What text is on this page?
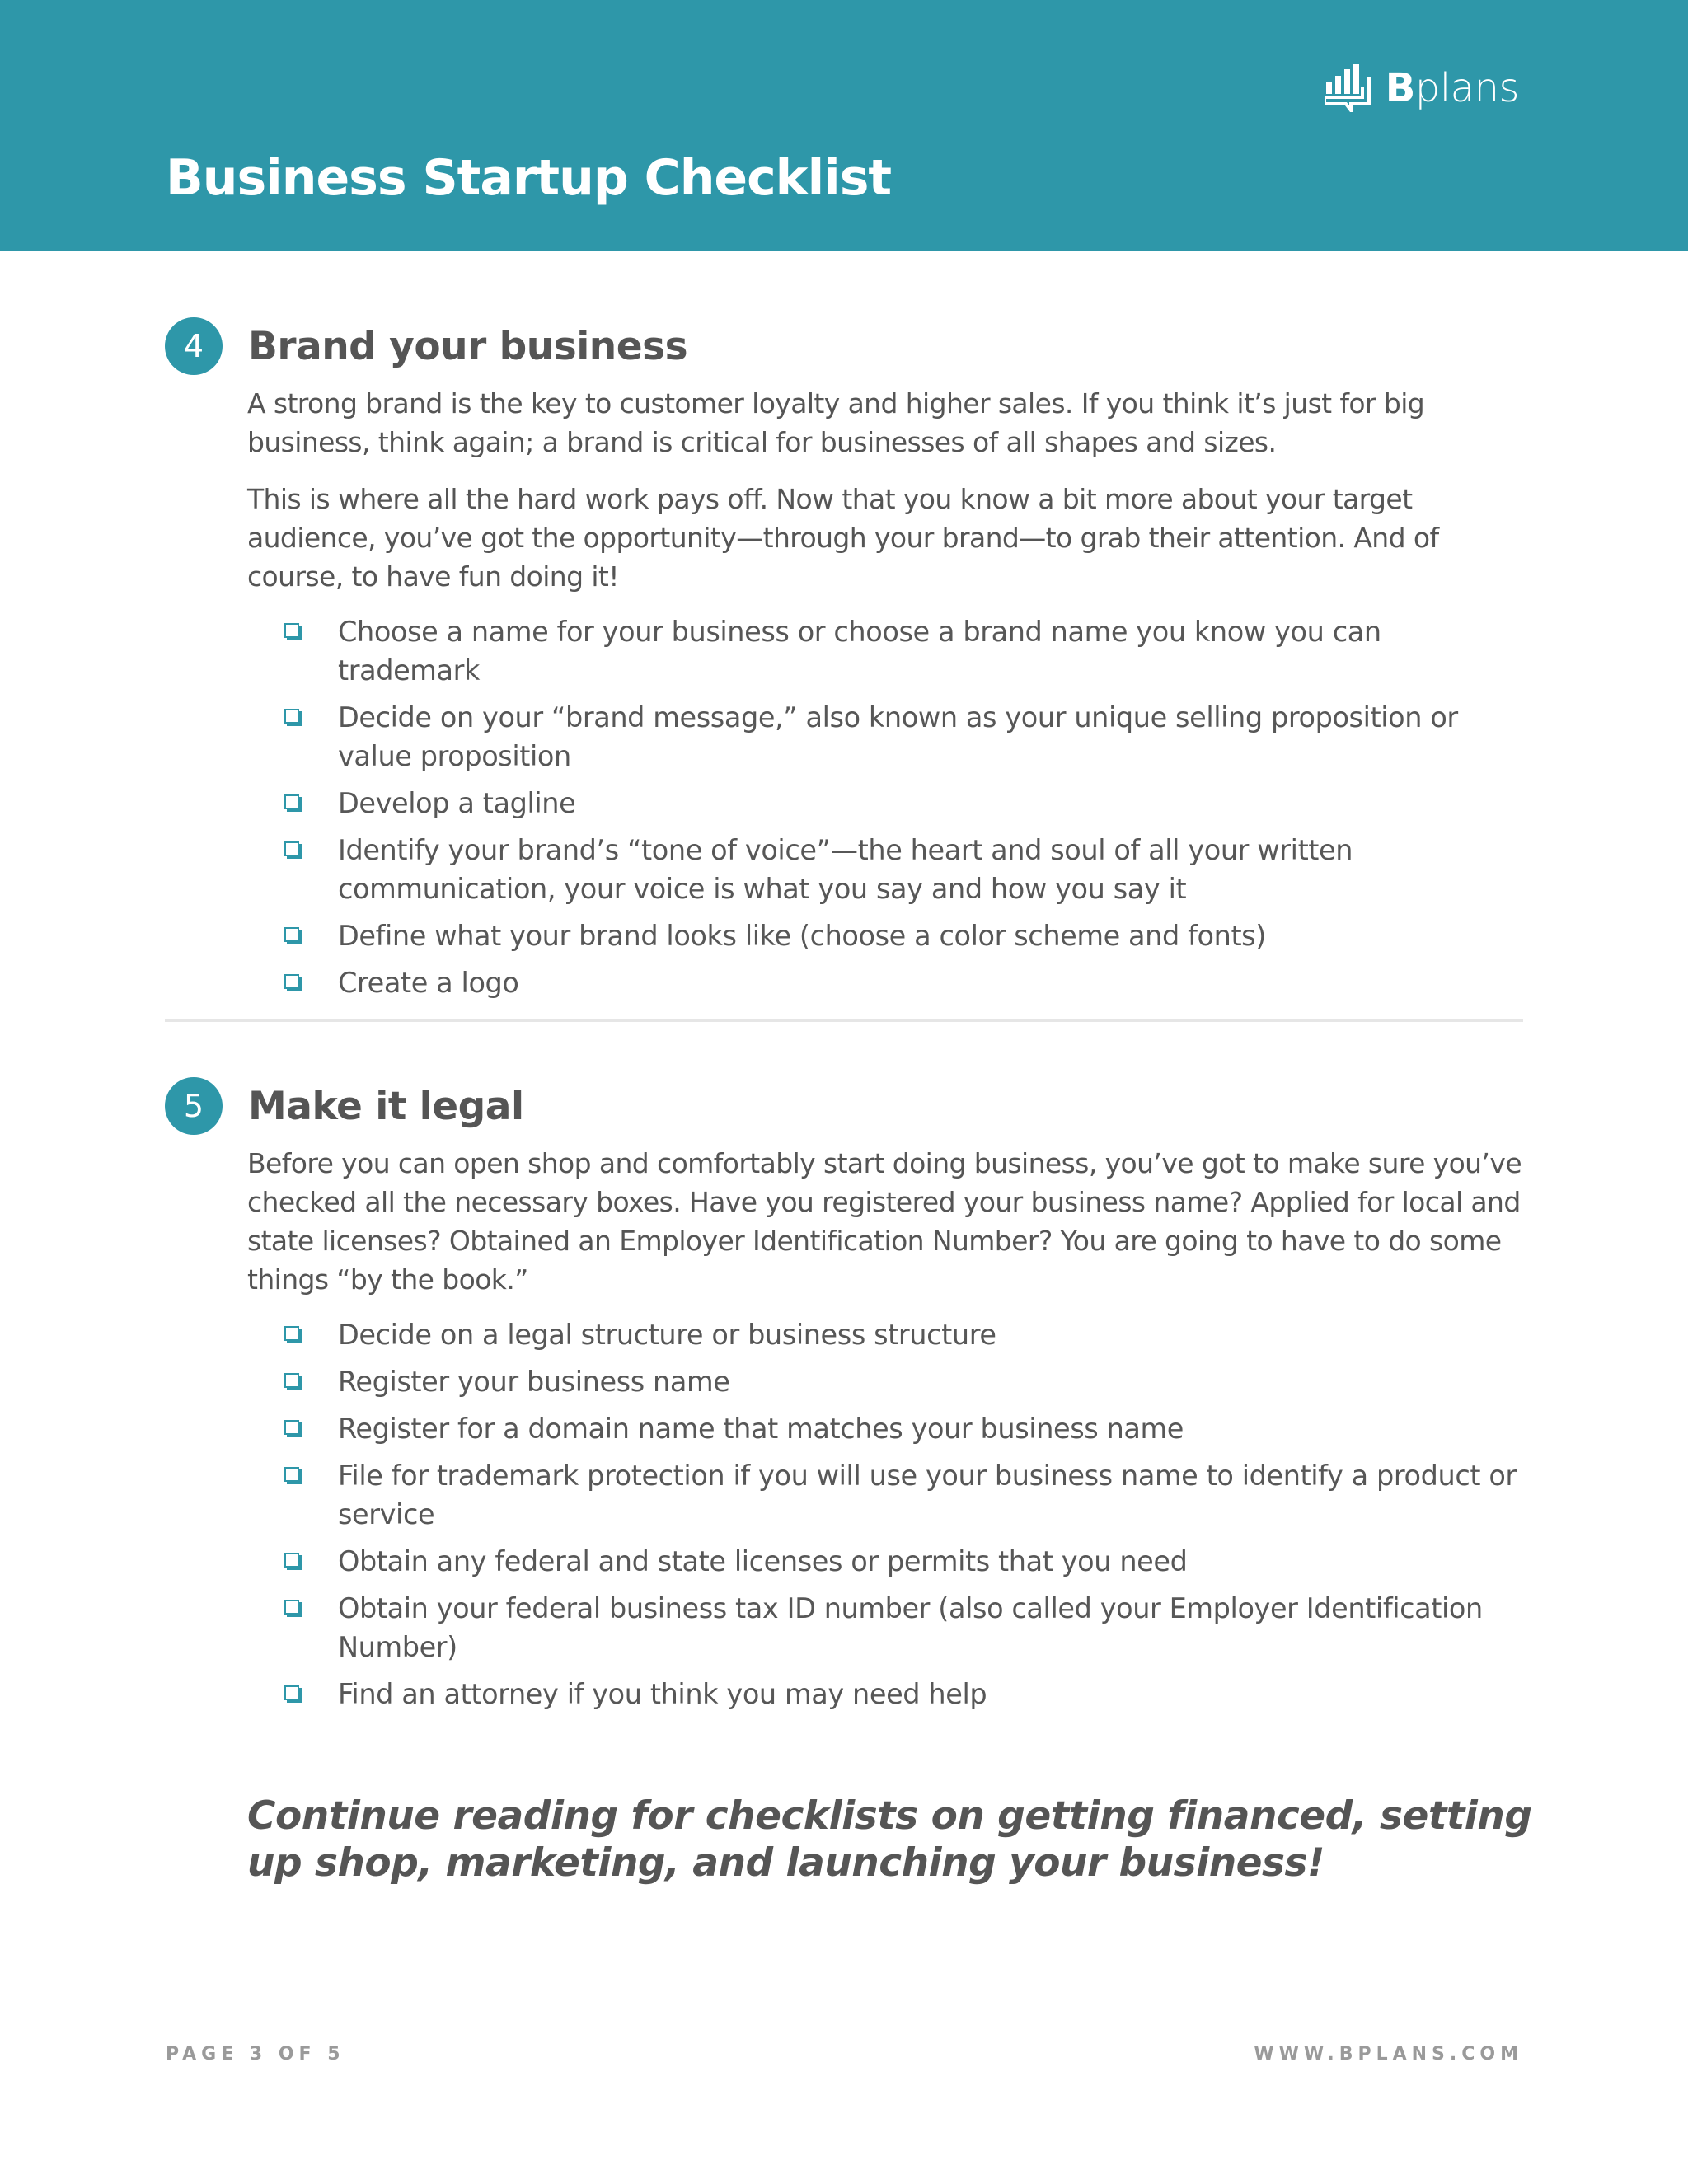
Bplans
Business Startup Checklist
4	Brand your business

A strong brand is the key to customer loyalty and higher sales. If you think it’s just for big business, think again; a brand is critical for businesses of all shapes and sizes.

This is where all the hard work pays off. Now that you know a bit more about your target audience, you’ve got the opportunity—through your brand—to grab their attention. And of course, to have fun doing it!

Choose a name for your business or choose a brand name you know you can trademark
Decide on your “brand message,” also known as your unique selling proposition or value proposition
Develop a tagline
Identify your brand’s “tone of voice”—the heart and soul of all your written communication, your voice is what you say and how you say it
Define what your brand looks like (choose a color scheme and fonts)
Create a logo
5	Make it legal

Before you can open shop and comfortably start doing business, you’ve got to make sure you’ve checked all the necessary boxes. Have you registered your business name? Applied for local and state licenses? Obtained an Employer Identification Number? You are going to have to do some things “by the book.”

Decide on a legal structure or business structure
Register your business name
Register for a domain name that matches your business name
File for trademark protection if you will use your business name to identify a product or service
Obtain any federal and state licenses or permits that you need
Obtain your federal business tax ID number (also called your Employer Identification Number)
Find an attorney if you think you may need help

Continue reading for checklists on getting financed, setting up shop, marketing, and launching your business!

PAGE 3 OF 5	WWW.BPLANS.COM
